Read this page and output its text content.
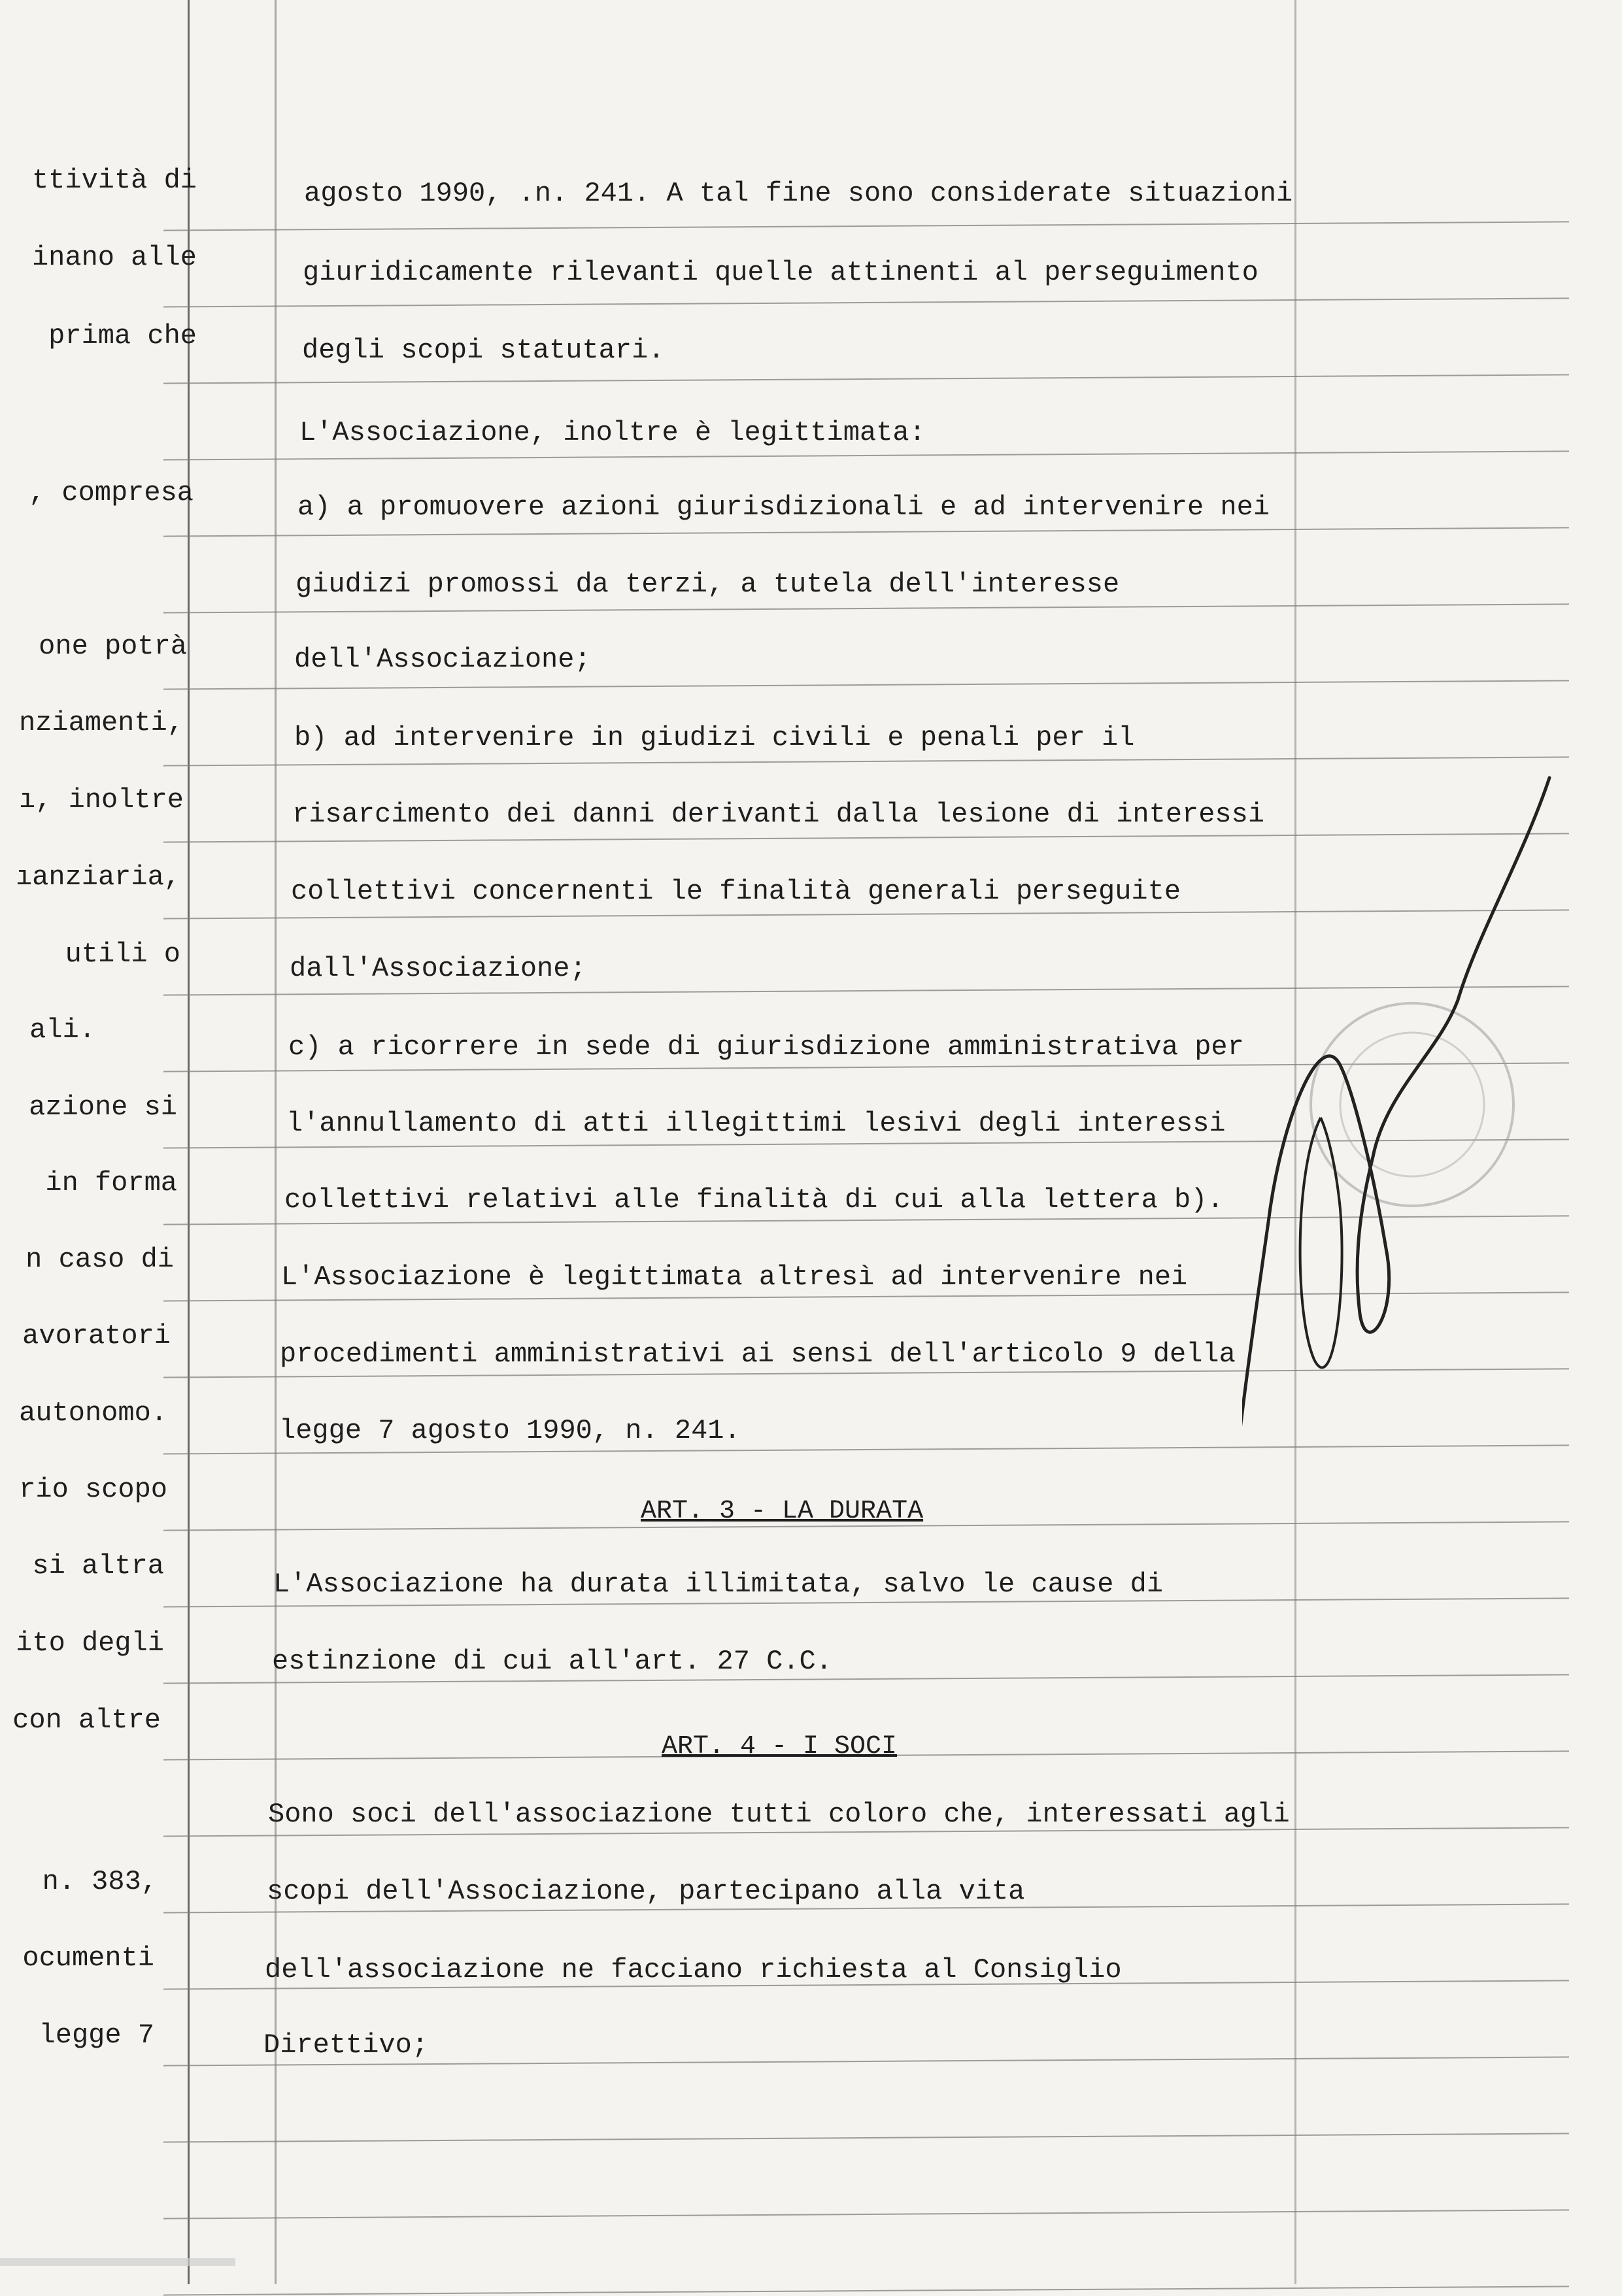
ttività di
inano alle
prima che
, compresa
one potrà
nziamenti,
ı, inoltre
ıanziaria,
utili o
ali.
azione si
in forma
n caso di
avoratori
autonomo.
rio scopo
si altra
ito degli
con altre
n. 383,
ocumenti
legge 7
agosto 1990, .n. 241. A tal fine sono considerate situazioni
giuridicamente rilevanti quelle attinenti al perseguimento
degli scopi statutari.
L'Associazione, inoltre è legittimata:
a) a promuovere azioni giurisdizionali e ad intervenire nei
giudizi promossi da terzi, a tutela dell'interesse
dell'Associazione;
b) ad intervenire in giudizi civili e penali per il
risarcimento dei danni derivanti dalla lesione di interessi
collettivi concernenti le finalità generali perseguite
dall'Associazione;
c) a ricorrere in sede di giurisdizione amministrativa per
l'annullamento di atti illegittimi lesivi degli interessi
collettivi relativi alle finalità di cui alla lettera b).
L'Associazione è legittimata altresì ad intervenire nei
procedimenti amministrativi ai sensi dell'articolo 9 della
legge 7 agosto 1990, n. 241.
ART. 3 - LA DURATA
L'Associazione ha durata illimitata, salvo le cause di
estinzione di cui all'art. 27 C.C.
ART. 4 - I SOCI
Sono soci dell'associazione tutti coloro che, interessati agli
scopi dell'Associazione, partecipano alla vita
dell'associazione ne facciano richiesta al Consiglio
Direttivo;
